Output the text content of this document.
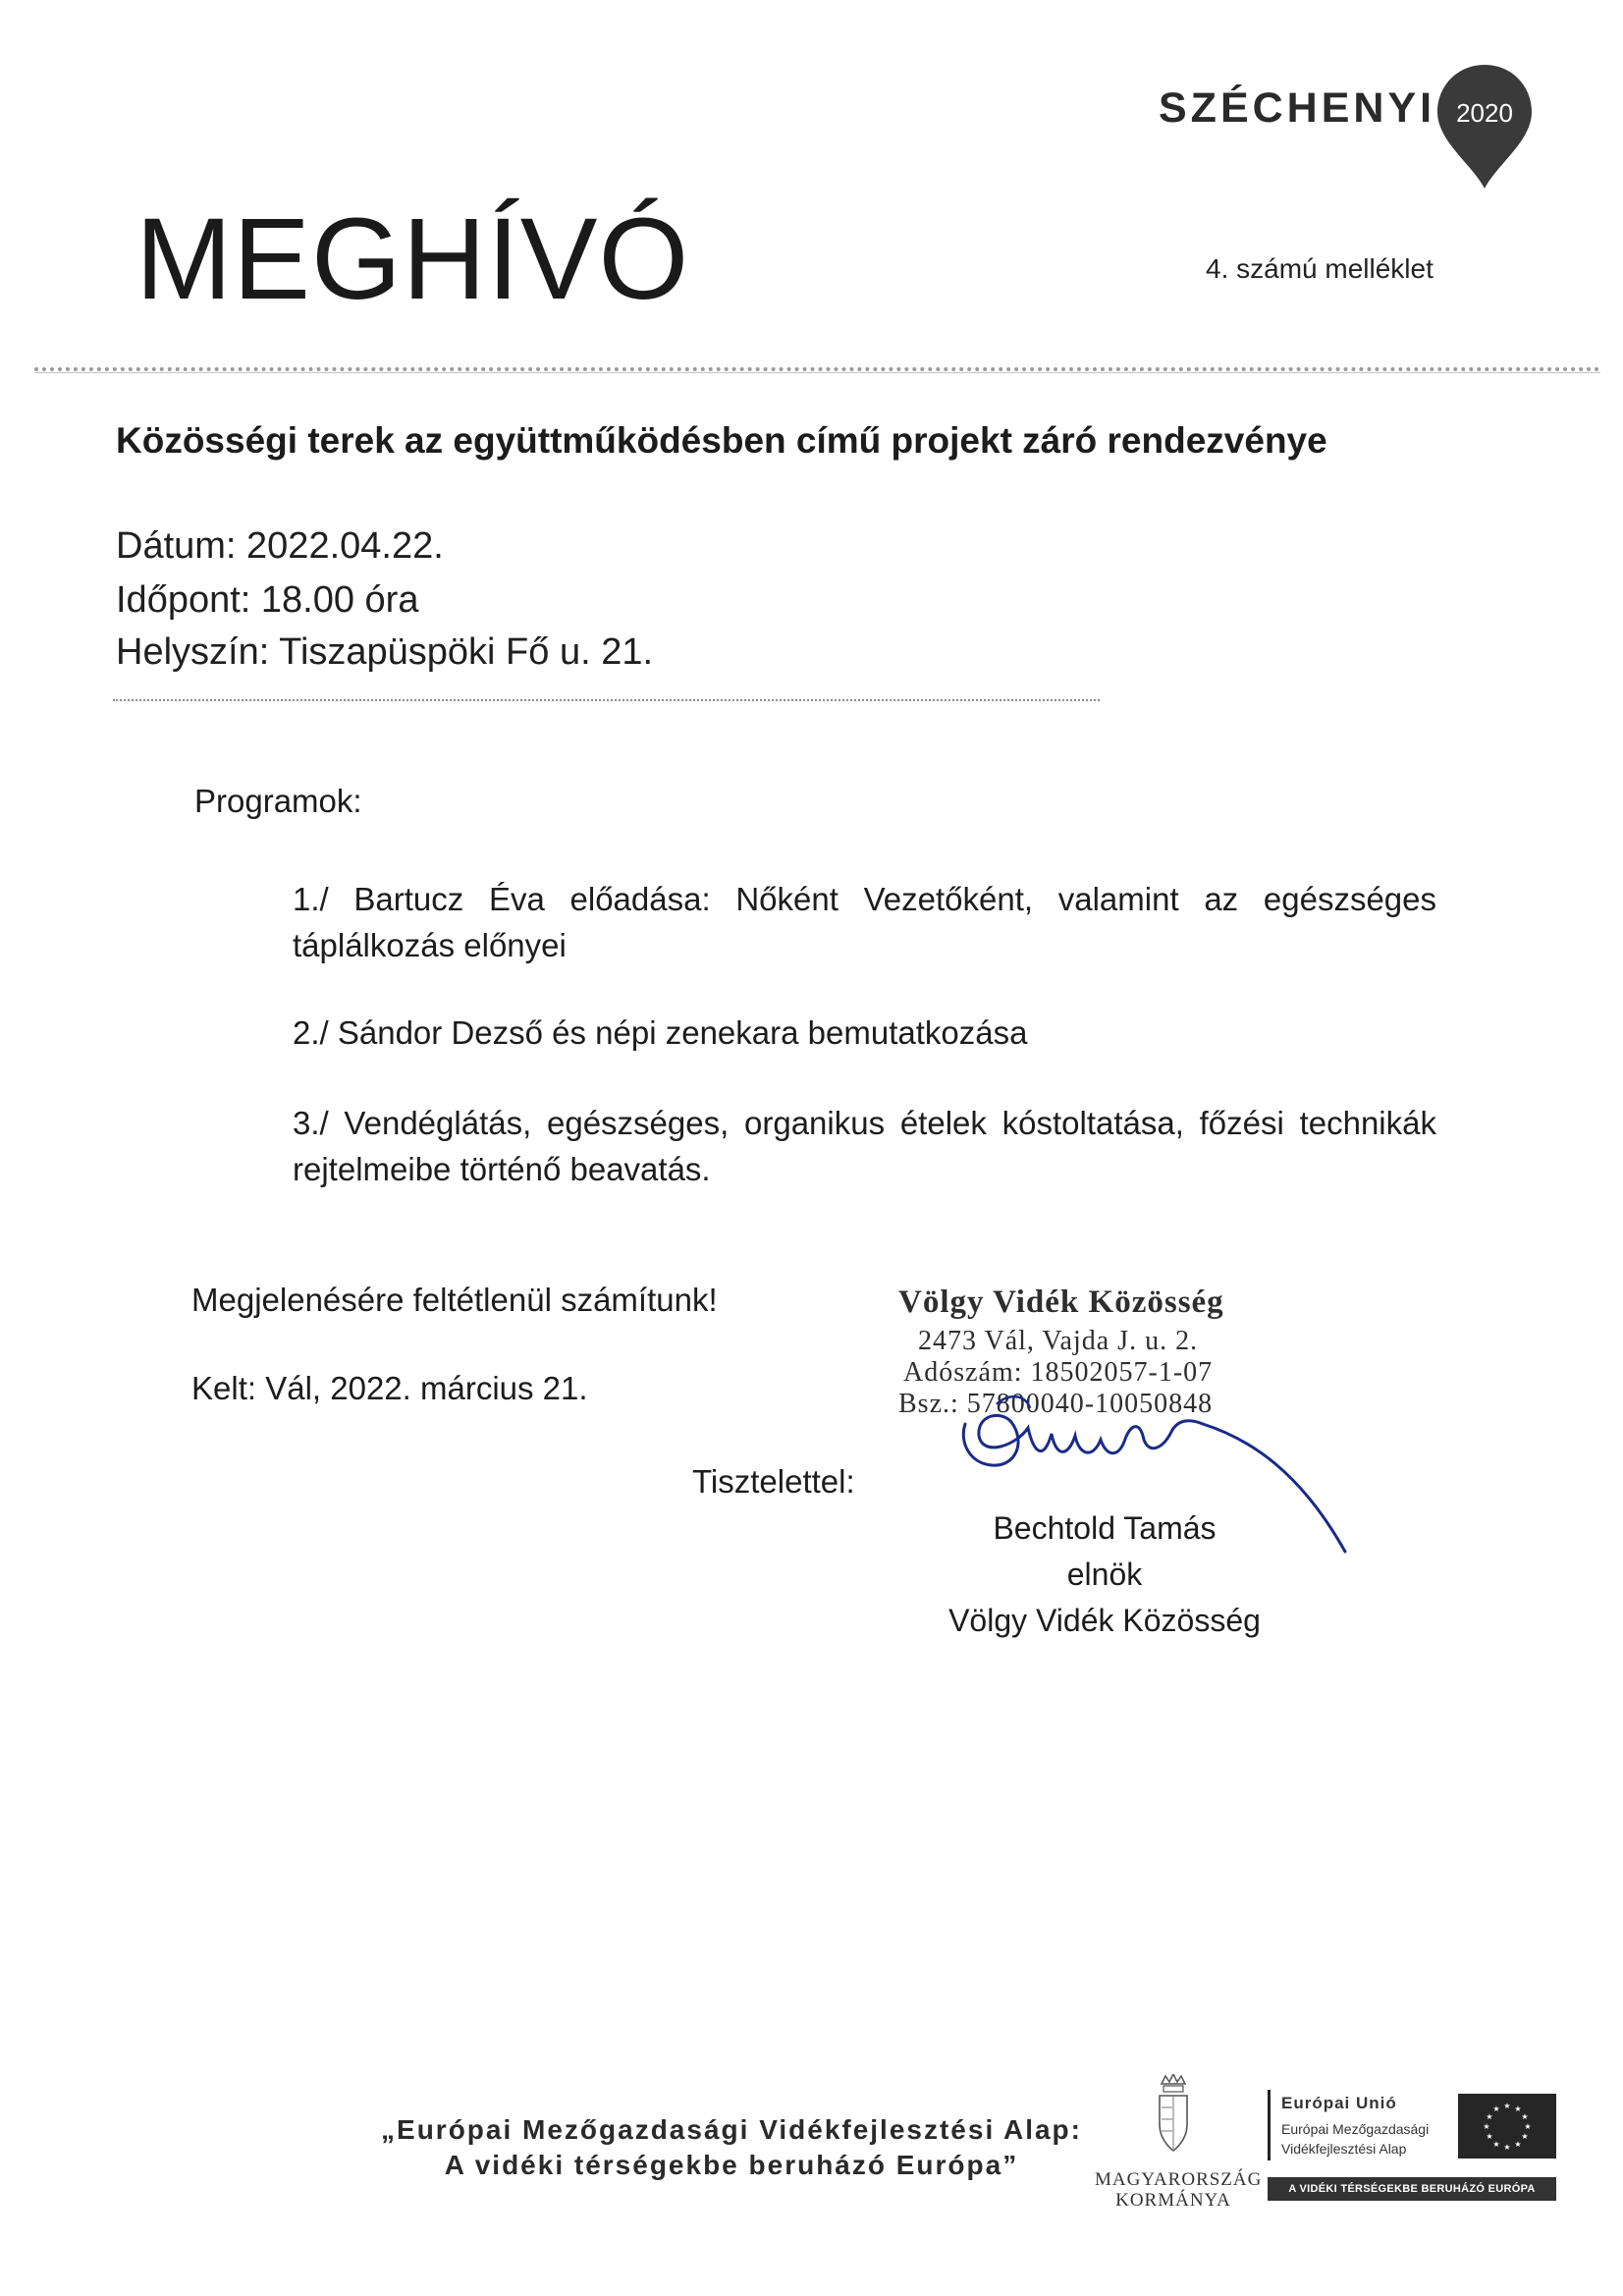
SZÉCHENYI 2020
MEGHÍVÓ	4. számú melléklet
Közösségi terek az együttműködésben című projekt záró rendezvénye
Dátum: 2022.04.22.
Időpont: 18.00 óra
Helyszín: Tiszapüspöki Fő u. 21.
Programok:
1./ Bartucz Éva előadása: Nőként Vezetőként, valamint az egészséges táplálkozás előnyei
2./ Sándor Dezső és népi zenekara bemutatkozása
3./ Vendéglátás, egészséges, organikus ételek kóstoltatása, főzési technikák rejtelmeibe történő beavatás.
Megjelenésére feltétlenül számítunk!
Kelt: Vál, 2022. március 21.
Tisztelettel:
Völgy Vidék Közösség
2473 Vál, Vajda J. u. 2.
Adószám: 18502057-1-07
Bsz.: 57800040-10050848
Bechtold Tamás
elnök
Völgy Vidék Közösség
„Európai Mezőgazdasági Vidékfejlesztési Alap:
A vidéki térségekbe beruházó Európa”	MAGYARORSZÁG
KORMÁNYA
Európai Unió
Európai Mezőgazdasági
Vidékfejlesztési Alap
★ ★
★
★
★
★
★
★
★
★
★
★
A VIDÉKI TÉRSÉGEKBE BERUHÁZÓ EURÓPA
